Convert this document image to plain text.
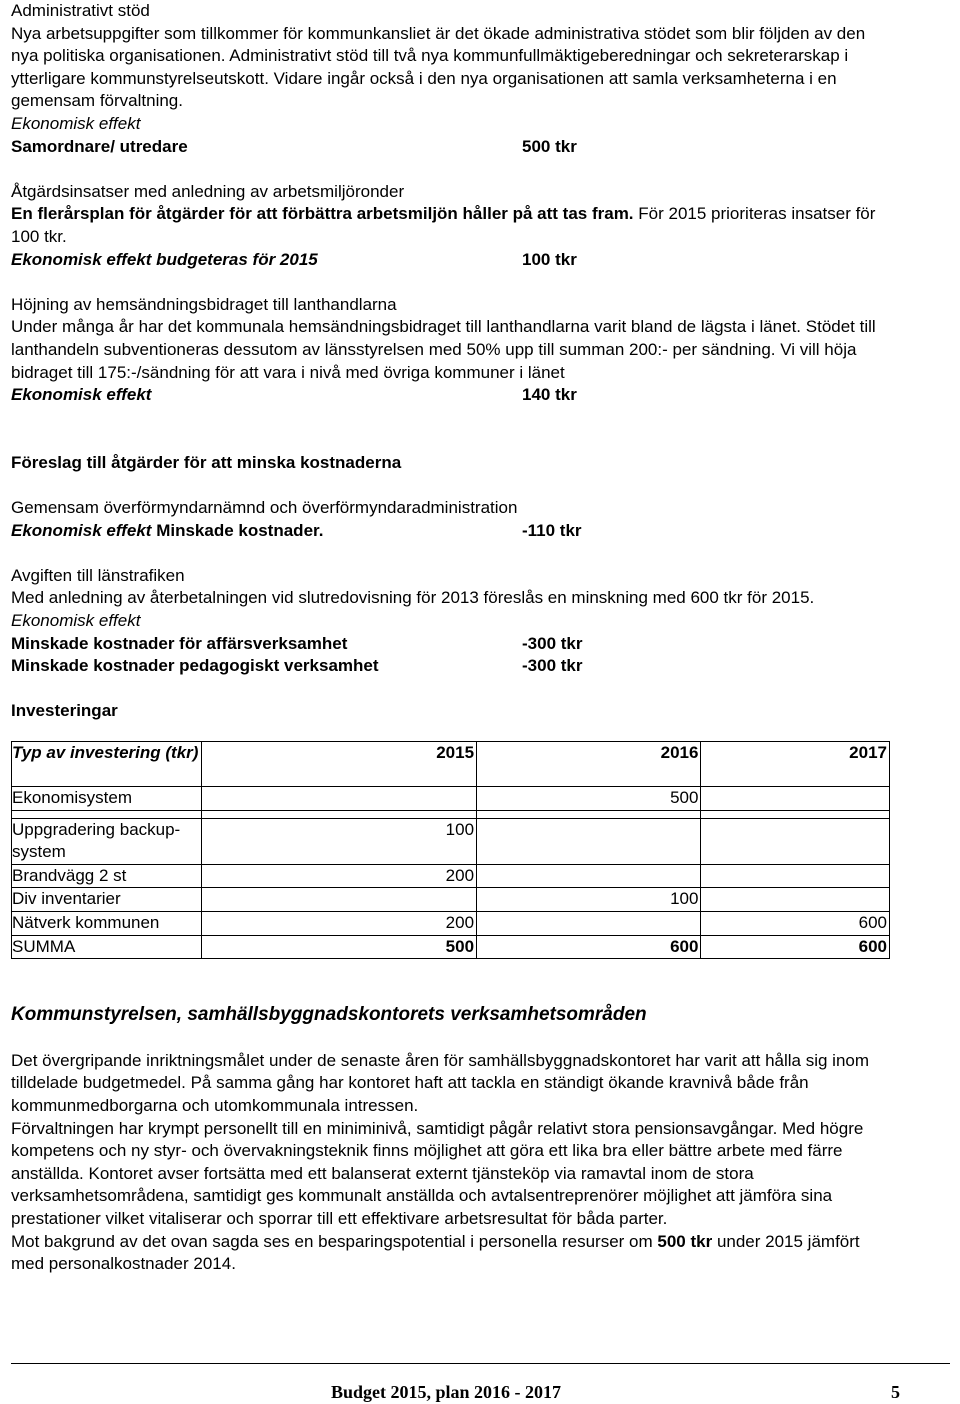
Administrativt stöd

Nya arbetsuppgifter som tillkommer för kommunkansliet är det ökade administrativa stödet som blir följden av den nya politiska organisationen. Administrativt stöd till två nya kommunfullmäktigeberedningar och sekreterarskap i ytterligare kommunstyrelseutskott. Vidare ingår också i den nya organisationen att samla verksamheterna i en gemensam förvaltning.

Ekonomisk effekt

Samordnare/ utredare	500 tkr

Åtgärdsinsatser med anledning av arbetsmiljöronder

En flerårsplan för åtgärder för att förbättra arbetsmiljön håller på att tas fram. För 2015 prioriteras insatser för 100 tkr.

Ekonomisk effekt budgeteras för 2015	100 tkr

Höjning av hemsändningsbidraget till lanthandlarna

Under många år har det kommunala hemsändningsbidraget till lanthandlarna varit bland de lägsta i länet. Stödet till lanthandeln subventioneras dessutom av länsstyrelsen med 50% upp till summan 200:- per sändning. Vi vill höja bidraget till 175:-/sändning för att vara i nivå med övriga kommuner i länet

Ekonomisk effekt	140 tkr

Föreslag till åtgärder för att minska kostnaderna

Gemensam överförmyndarnämnd och överförmyndaradministration

Ekonomisk effekt Minskade kostnader.	-110 tkr

Avgiften till länstrafiken

Med anledning av återbetalningen vid slutredovisning för 2013 föreslås en minskning med 600 tkr för 2015.

Ekonomisk effekt

Minskade kostnader för affärsverksamhet	-300 tkr
Minskade kostnader pedagogiskt verksamhet	-300 tkr

Investeringar

Typ av investering (tkr)	2015	2016	2017
Ekonomisystem		500	

Uppgradering backup-system	100		
Brandvägg 2 st	200		
Div inventarier		100	
Nätverk kommunen	200		600
SUMMA	500	600	600
Kommunstyrelsen, samhällsbyggnadskontorets verksamhetsområden

Det övergripande inriktningsmålet under de senaste åren för samhällsbyggnadskontoret har varit att hålla sig inom tilldelade budgetmedel. På samma gång har kontoret haft att tackla en ständigt ökande kravnivå både från kommunmedborgarna och utomkommunala intressen.

Förvaltningen har krympt personellt till en miniminivå, samtidigt pågår relativt stora pensionsavgångar. Med högre kompetens och ny styr- och övervakningsteknik finns möjlighet att göra ett lika bra eller bättre arbete med färre anställda. Kontoret avser fortsätta med ett balanserat externt tjänsteköp via ramavtal inom de stora verksamhetsområdena, samtidigt ges kommunalt anställda och avtalsentreprenörer möjlighet att jämföra sina prestationer vilket vitaliserar och sporrar till ett effektivare arbetsresultat för båda parter.

Mot bakgrund av det ovan sagda ses en besparingspotential i personella resurser om 500 tkr under 2015 jämfört med personalkostnader 2014.

Budget 2015, plan 2016 - 2017	5
